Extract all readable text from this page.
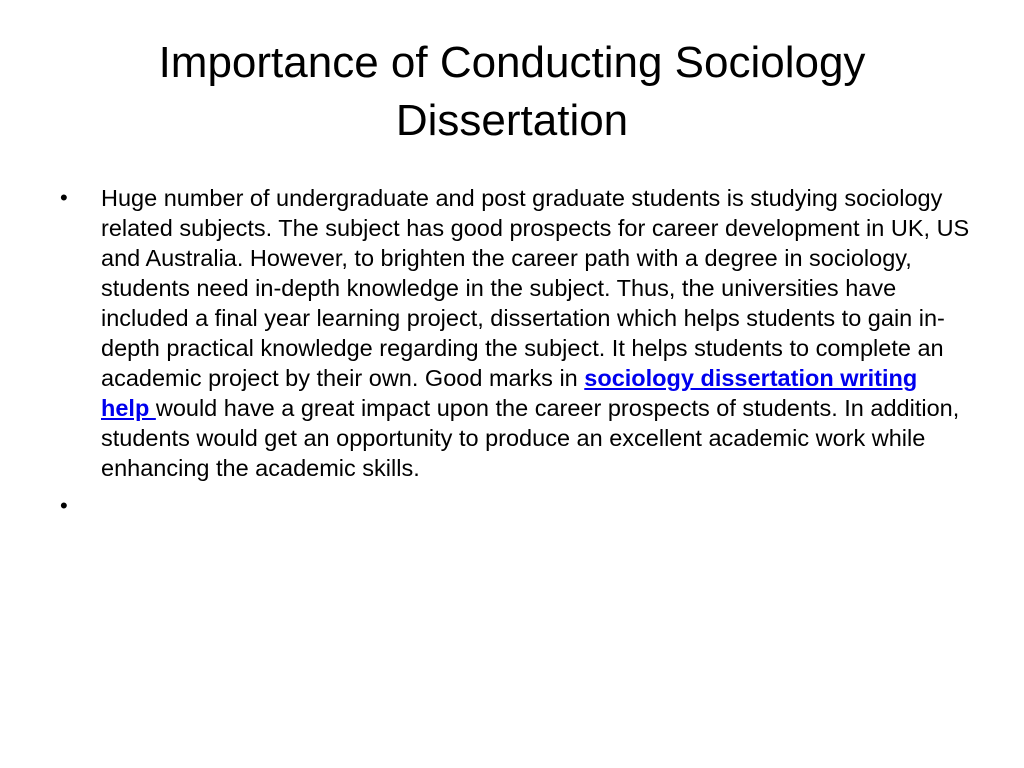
Importance of Conducting Sociology Dissertation
•	Huge number of undergraduate and post graduate students is studying sociology related subjects. The subject has good prospects for career development in UK, US and Australia. However, to brighten the career path with a degree in sociology, students need in-depth knowledge in the subject. Thus, the universities have included a final year learning project, dissertation which helps students to gain in-depth practical knowledge regarding the subject. It helps students to complete an academic project by their own. Good marks in sociology dissertation writing help would have a great impact upon the career prospects of students. In addition, students would get an opportunity to produce an excellent academic work while enhancing the academic skills.
•
